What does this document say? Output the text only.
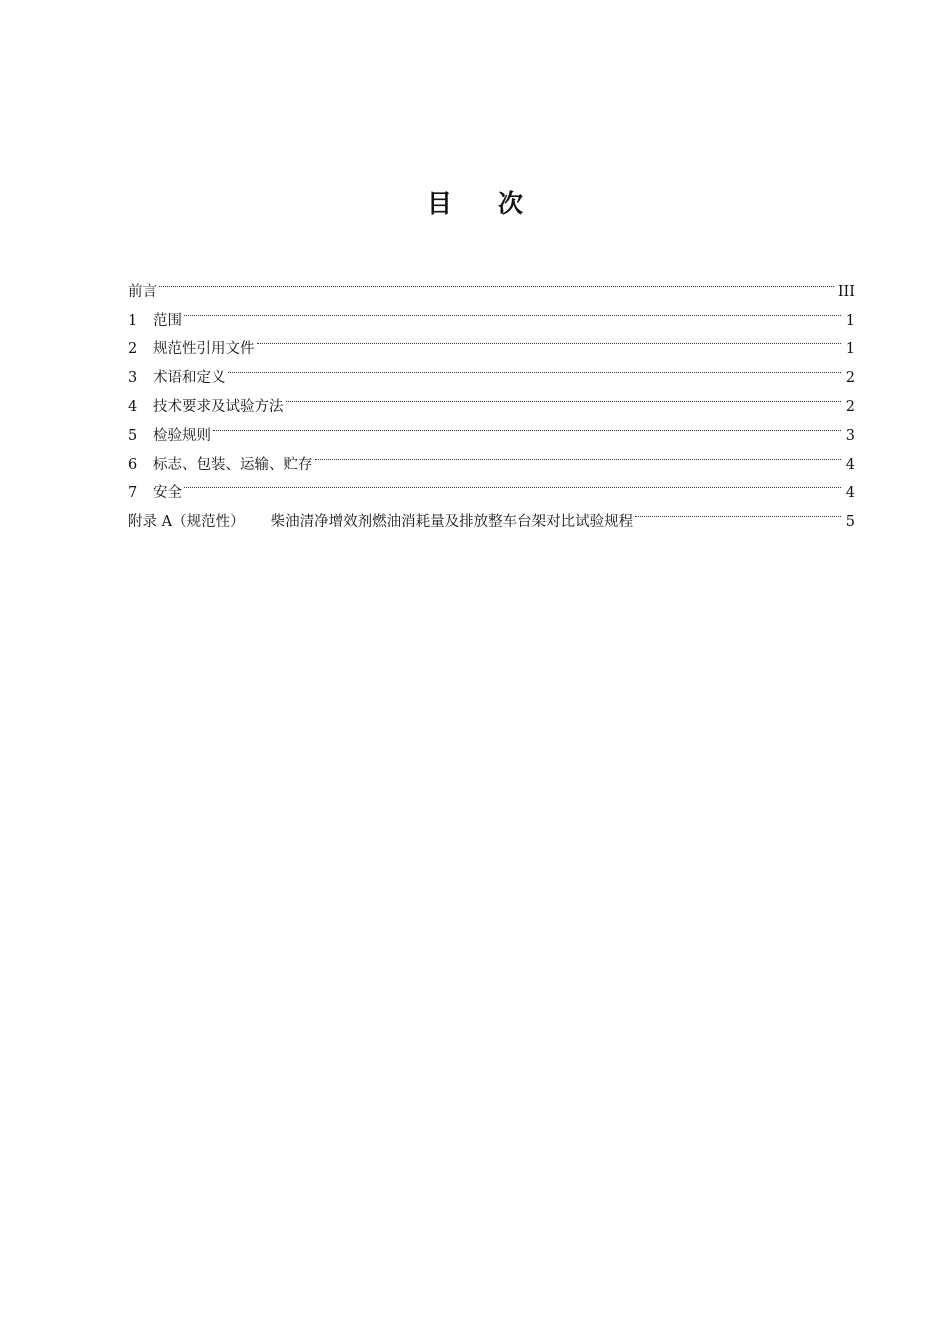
目 次
前言	III
1	范围	1
2	规范性引用文件	1
3	术语和定义	2
4	技术要求及试验方法	2
5	检验规则	3
6	标志、包装、运输、贮存	4
7	安全	4
附录 A（规范性） 柴油清净增效剂燃油消耗量及排放整车台架对比试验规程	5
